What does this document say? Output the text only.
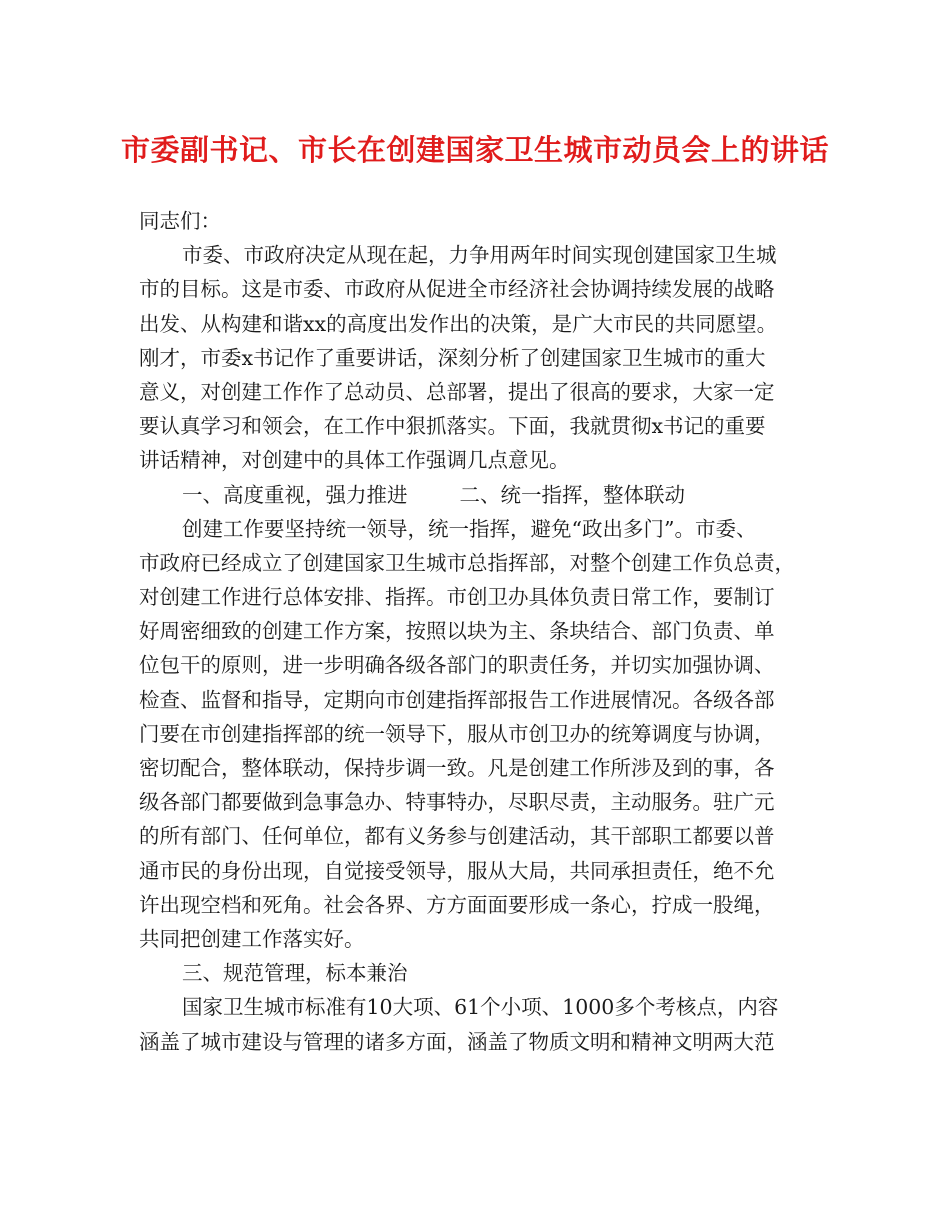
市委副书记、市长在创建国家卫生城市动员会上的讲话
同志们：
市委、市政府决定从现在起，力争用两年时间实现创建国家卫生城
市的目标。这是市委、市政府从促进全市经济社会协调持续发展的战略
出发、从构建和谐xx的高度出发作出的决策，是广大市民的共同愿望。
刚才，市委x书记作了重要讲话，深刻分析了创建国家卫生城市的重大
意义，对创建工作作了总动员、总部署，提出了很高的要求，大家一定
要认真学习和领会，在工作中狠抓落实。下面，我就贯彻x书记的重要
讲话精神，对创建中的具体工作强调几点意见。
一、高度重视，强力推进	二、统一指挥，整体联动
创建工作要坚持统一领导，统一指挥，避免“政出多门”。市委、
市政府已经成立了创建国家卫生城市总指挥部，对整个创建工作负总责，
对创建工作进行总体安排、指挥。市创卫办具体负责日常工作，要制订
好周密细致的创建工作方案，按照以块为主、条块结合、部门负责、单
位包干的原则，进一步明确各级各部门的职责任务，并切实加强协调、
检查、监督和指导，定期向市创建指挥部报告工作进展情况。各级各部
门要在市创建指挥部的统一领导下，服从市创卫办的统筹调度与协调，
密切配合，整体联动，保持步调一致。凡是创建工作所涉及到的事，各
级各部门都要做到急事急办、特事特办，尽职尽责，主动服务。驻广元
的所有部门、任何单位，都有义务参与创建活动，其干部职工都要以普
通市民的身份出现，自觉接受领导，服从大局，共同承担责任，绝不允
许出现空档和死角。社会各界、方方面面要形成一条心，拧成一股绳，
共同把创建工作落实好。
三、规范管理，标本兼治
国家卫生城市标准有10大项、61个小项、1000多个考核点，内容
涵盖了城市建设与管理的诸多方面，涵盖了物质文明和精神文明两大范
